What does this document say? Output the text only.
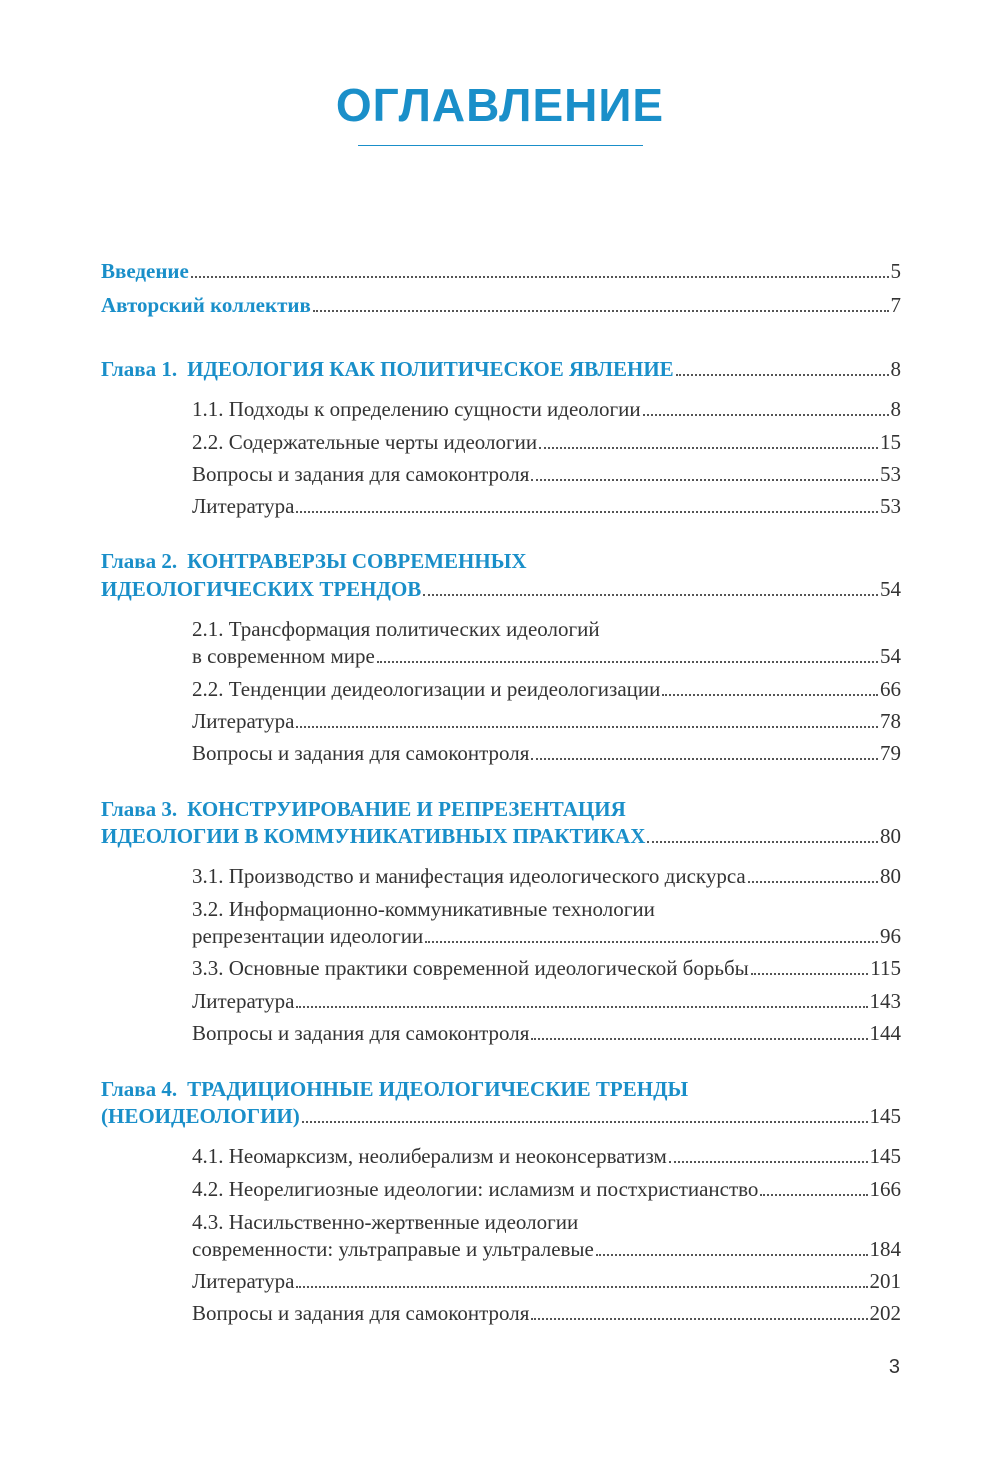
ОГЛАВЛЕНИЕ
Введение	5
Авторский коллектив	7
Глава 1. ИДЕОЛОГИЯ КАК ПОЛИТИЧЕСКОЕ ЯВЛЕНИЕ	8
1.1. Подходы к определению сущности идеологии	8
2.2. Содержательные черты идеологии	15
Вопросы и задания для самоконтроля	53
Литература	53
Глава 2. КОНТРАВЕРЗЫ СОВРЕМЕННЫХ
ИДЕОЛОГИЧЕСКИХ ТРЕНДОВ	54
2.1. Трансформация политических идеологий
в современном мире	54
2.2. Тенденции деидеологизации и реидеологизации	66
Литература	78
Вопросы и задания для самоконтроля	79
Глава 3. КОНСТРУИРОВАНИЕ И РЕПРЕЗЕНТАЦИЯ
ИДЕОЛОГИИ В КОММУНИКАТИВНЫХ ПРАКТИКАХ	80
3.1. Производство и манифестация идеологического дискурса	80
3.2. Информационно-коммуникативные технологии
репрезентации идеологии	96
3.3. Основные практики современной идеологической борьбы	115
Литература	143
Вопросы и задания для самоконтроля	144
Глава 4. ТРАДИЦИОННЫЕ ИДЕОЛОГИЧЕСКИЕ ТРЕНДЫ
(НЕОИДЕОЛОГИИ)	145
4.1. Неомарксизм, неолиберализм и неоконсерватизм	145
4.2. Неорелигиозные идеологии: исламизм и постхристианство	166
4.3. Насильственно-жертвенные идеологии
современности: ультраправые и ультралевые	184
Литература	201
Вопросы и задания для самоконтроля	202
3
